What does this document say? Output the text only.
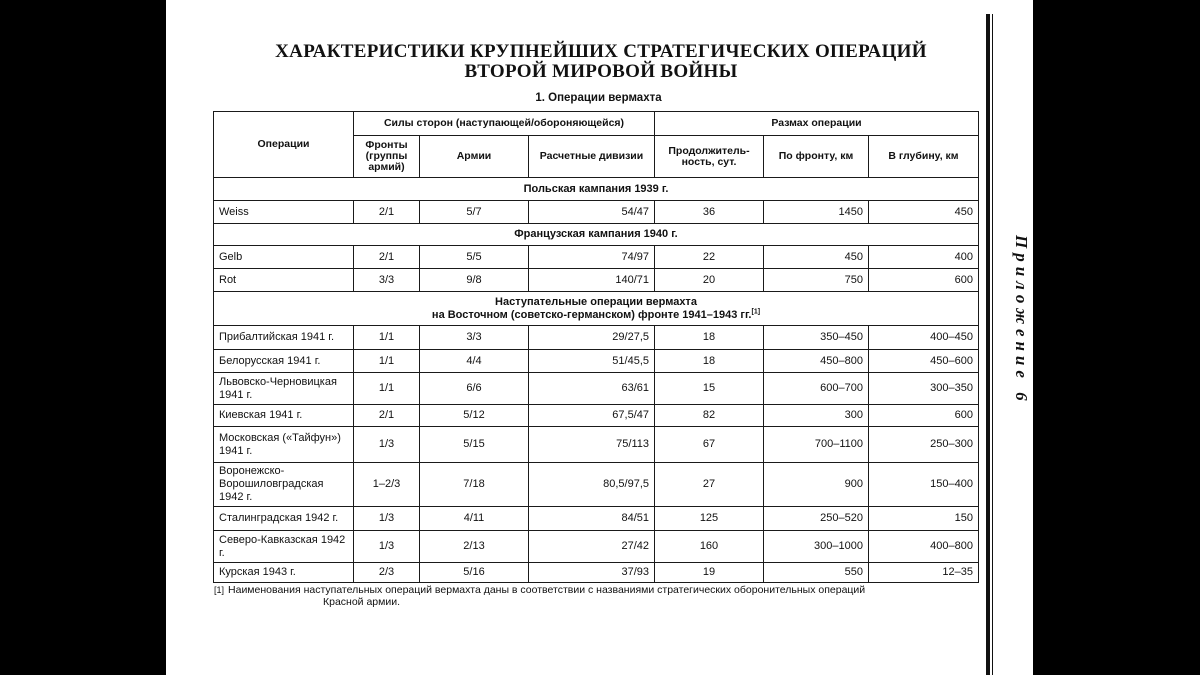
Приложение 6
ХАРАКТЕРИСТИКИ КРУПНЕЙШИХ СТРАТЕГИЧЕСКИХ ОПЕРАЦИЙ
ВТОРОЙ МИРОВОЙ ВОЙНЫ
1. Операции вермахта
Операции	Силы сторон (наступающей/обороняющейся)			Размах операции		
	Фронты (группы армий)	Армии	Расчетные дивизии	Продолжитель-ность, сут.	По фронту, км	В глубину, км
Польская кампания 1939 г.						
Weiss	2/1	5/7	54/47	36	1450	450
Французская кампания 1940 г.						
Gelb	2/1	5/5	74/97	22	450	400
Rot	3/3	9/8	140/71	20	750	600

Наступательные операции вермахта
на Восточном (советско-германском) фронте 1941–1943 гг.[1]

Прибалтийская 1941 г.	1/1	3/3	29/27,5	18	350–450	400–450
Белорусская 1941 г.	1/1	4/4	51/45,5	18	450–800	450–600
Львовско-Черновицкая 1941 г.	1/1	6/6	63/61	15	600–700	300–350
Киевская 1941 г.	2/1	5/12	67,5/47	82	300	600
Московская («Тайфун») 1941 г.	1/3	5/15	75/113	67	700–1100	250–300
Воронежско-Ворошиловградская 1942 г.	1–2/3	7/18	80,5/97,5	27	900	150–400
Сталинградская 1942 г.	1/3	4/11	84/51	125	250–520	150
Северо-Кавказская 1942 г.	1/3	2/13	27/42	160	300–1000	400–800
Курская 1943 г.	2/3	5/16	37/93	19	550	12–35
[1] Наименования наступательных операций вермахта даны в соответствии с названиями стратегических оборонительных операций
Красной армии.
